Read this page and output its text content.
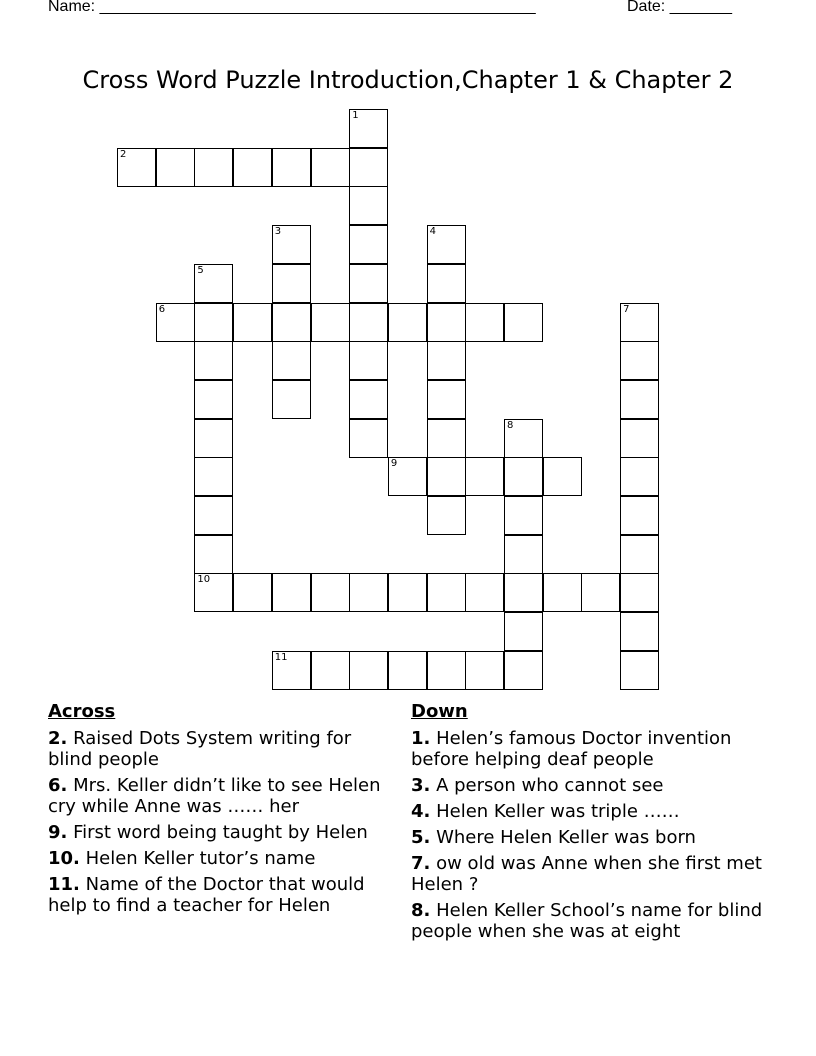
Name: _________________________________________________	Date: _______
Cross Word Puzzle Introduction,Chapter 1 & Chapter 2
1
2
3	4
5
10
6	7
8
9
11
Across
2. Raised Dots System writing for blind people
6. Mrs. Keller didn’t like to see Helen cry while Anne was …… her
9. First word being taught by Helen
10. Helen Keller tutor’s name
11. Name of the Doctor that would help to find a teacher for Helen
Down
1. Helen’s famous Doctor invention before helping deaf people
3. A person who cannot see
4. Helen Keller was triple ……
5. Where Helen Keller was born
7. ow old was Anne when she first met Helen ?
8. Helen Keller School’s name for blind people when she was at eight
